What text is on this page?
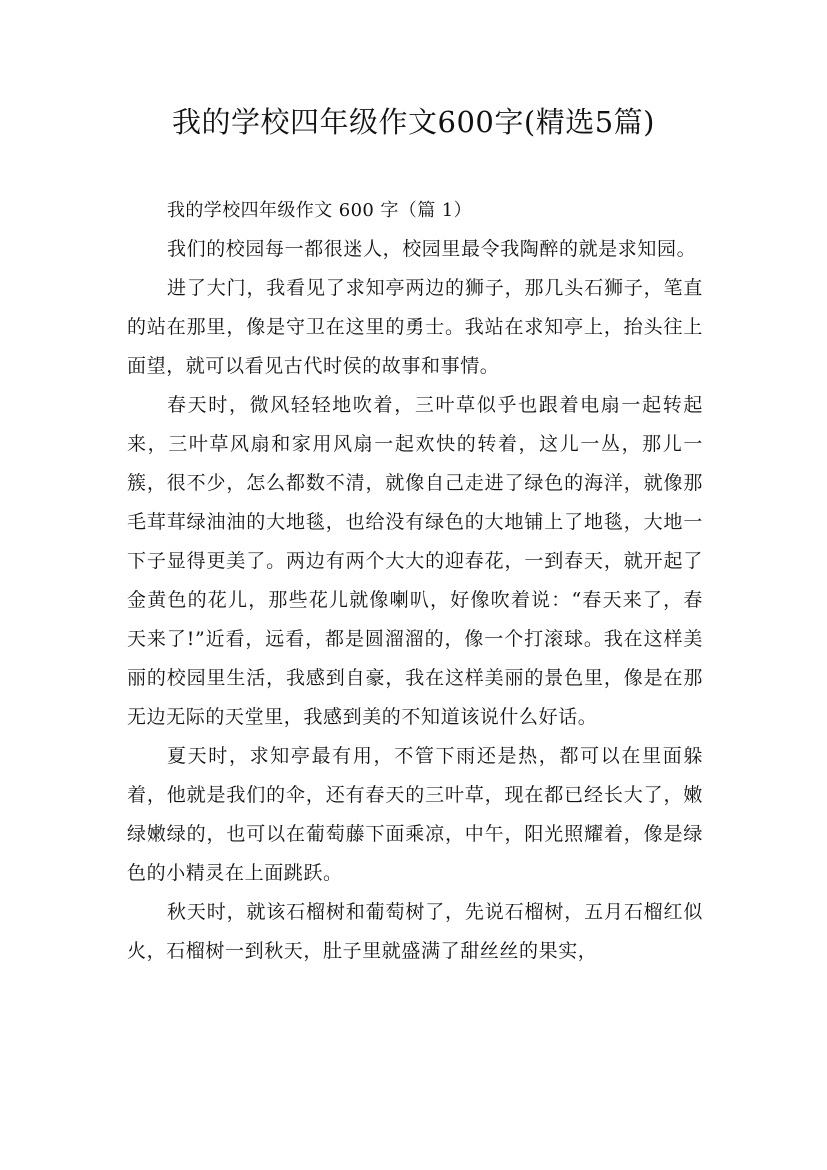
我的学校四年级作文600字(精选5篇)

我的学校四年级作文 600 字（篇 1）

我们的校园每一都很迷人，校园里最令我陶醉的就是求知园。

进了大门，我看见了求知亭两边的狮子，那几头石狮子，笔直的站在那里，像是守卫在这里的勇士。我站在求知亭上，抬头往上面望，就可以看见古代时侯的故事和事情。

春天时，微风轻轻地吹着，三叶草似乎也跟着电扇一起转起来，三叶草风扇和家用风扇一起欢快的转着，这儿一丛，那儿一簇，很不少，怎么都数不清，就像自己走进了绿色的海洋，就像那毛茸茸绿油油的大地毯，也给没有绿色的大地铺上了地毯，大地一下子显得更美了。两边有两个大大的迎春花，一到春天，就开起了金黄色的花儿，那些花儿就像喇叭，好像吹着说：“春天来了，春天来了!”近看，远看，都是圆溜溜的，像一个打滚球。我在这样美丽的校园里生活，我感到自豪，我在这样美丽的景色里，像是在那无边无际的天堂里，我感到美的不知道该说什么好话。

夏天时，求知亭最有用，不管下雨还是热，都可以在里面躲着，他就是我们的伞，还有春天的三叶草，现在都已经长大了，嫩绿嫩绿的，也可以在葡萄藤下面乘凉，中午，阳光照耀着，像是绿色的小精灵在上面跳跃。

秋天时，就该石榴树和葡萄树了，先说石榴树，五月石榴红似火，石榴树一到秋天，肚子里就盛满了甜丝丝的果实，
